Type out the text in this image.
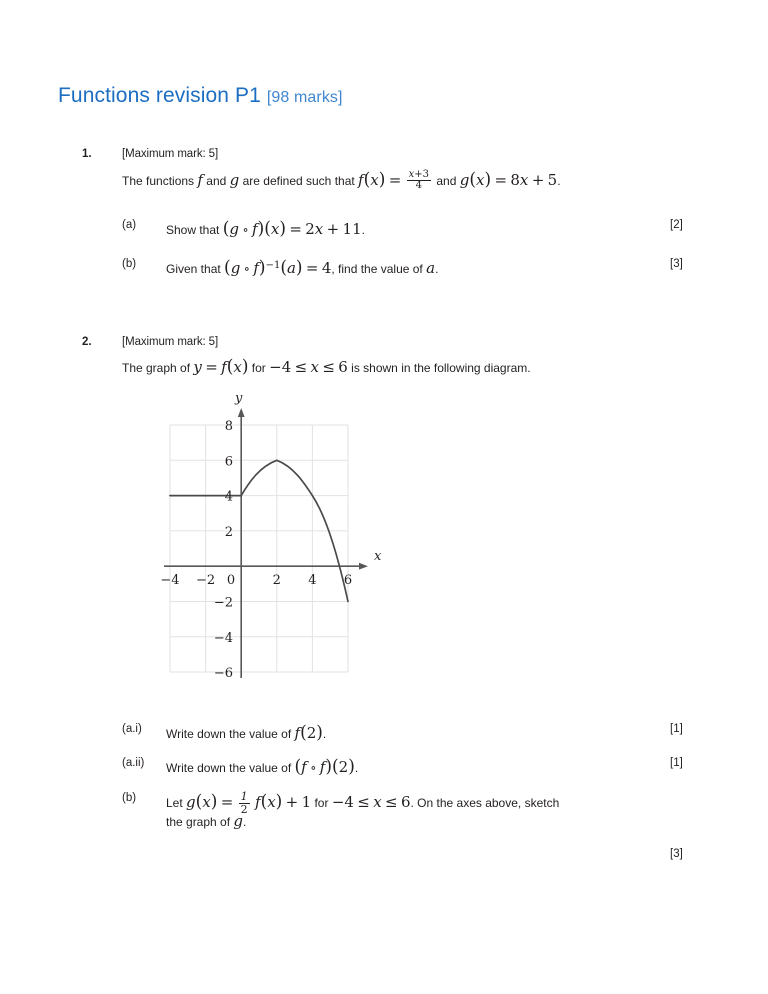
Functions revision P1 [98 marks]
1.	[Maximum mark: 5]
The functions f and g are defined such that $f(x) = \frac{x+3}{4}$ and g(x) = 8x + 5.
(a) Show that (g ∘ f)(x) = 2x + 11.	[2]
(b) Given that (g ∘ f)$^{-1}$(a) = 4, find the value of a.	[3]
2.	[Maximum mark: 5]
The graph of y = f(x) for −4 ≤ x ≤ 6 is shown in the following diagram.
x
y
−4 −2 0	2 4 6
8
6
4
2
−2
−4
−6
(a.i) Write down the value of f(2).	[1]
(a.ii) Write down the value of (f ∘ f)(2).	[1]
(b) Let $g(x) = \frac{1}{2} f(x) + 1$ for −4 ≤ x ≤ 6. On the axes above, sketch
the graph of g.
[3]
